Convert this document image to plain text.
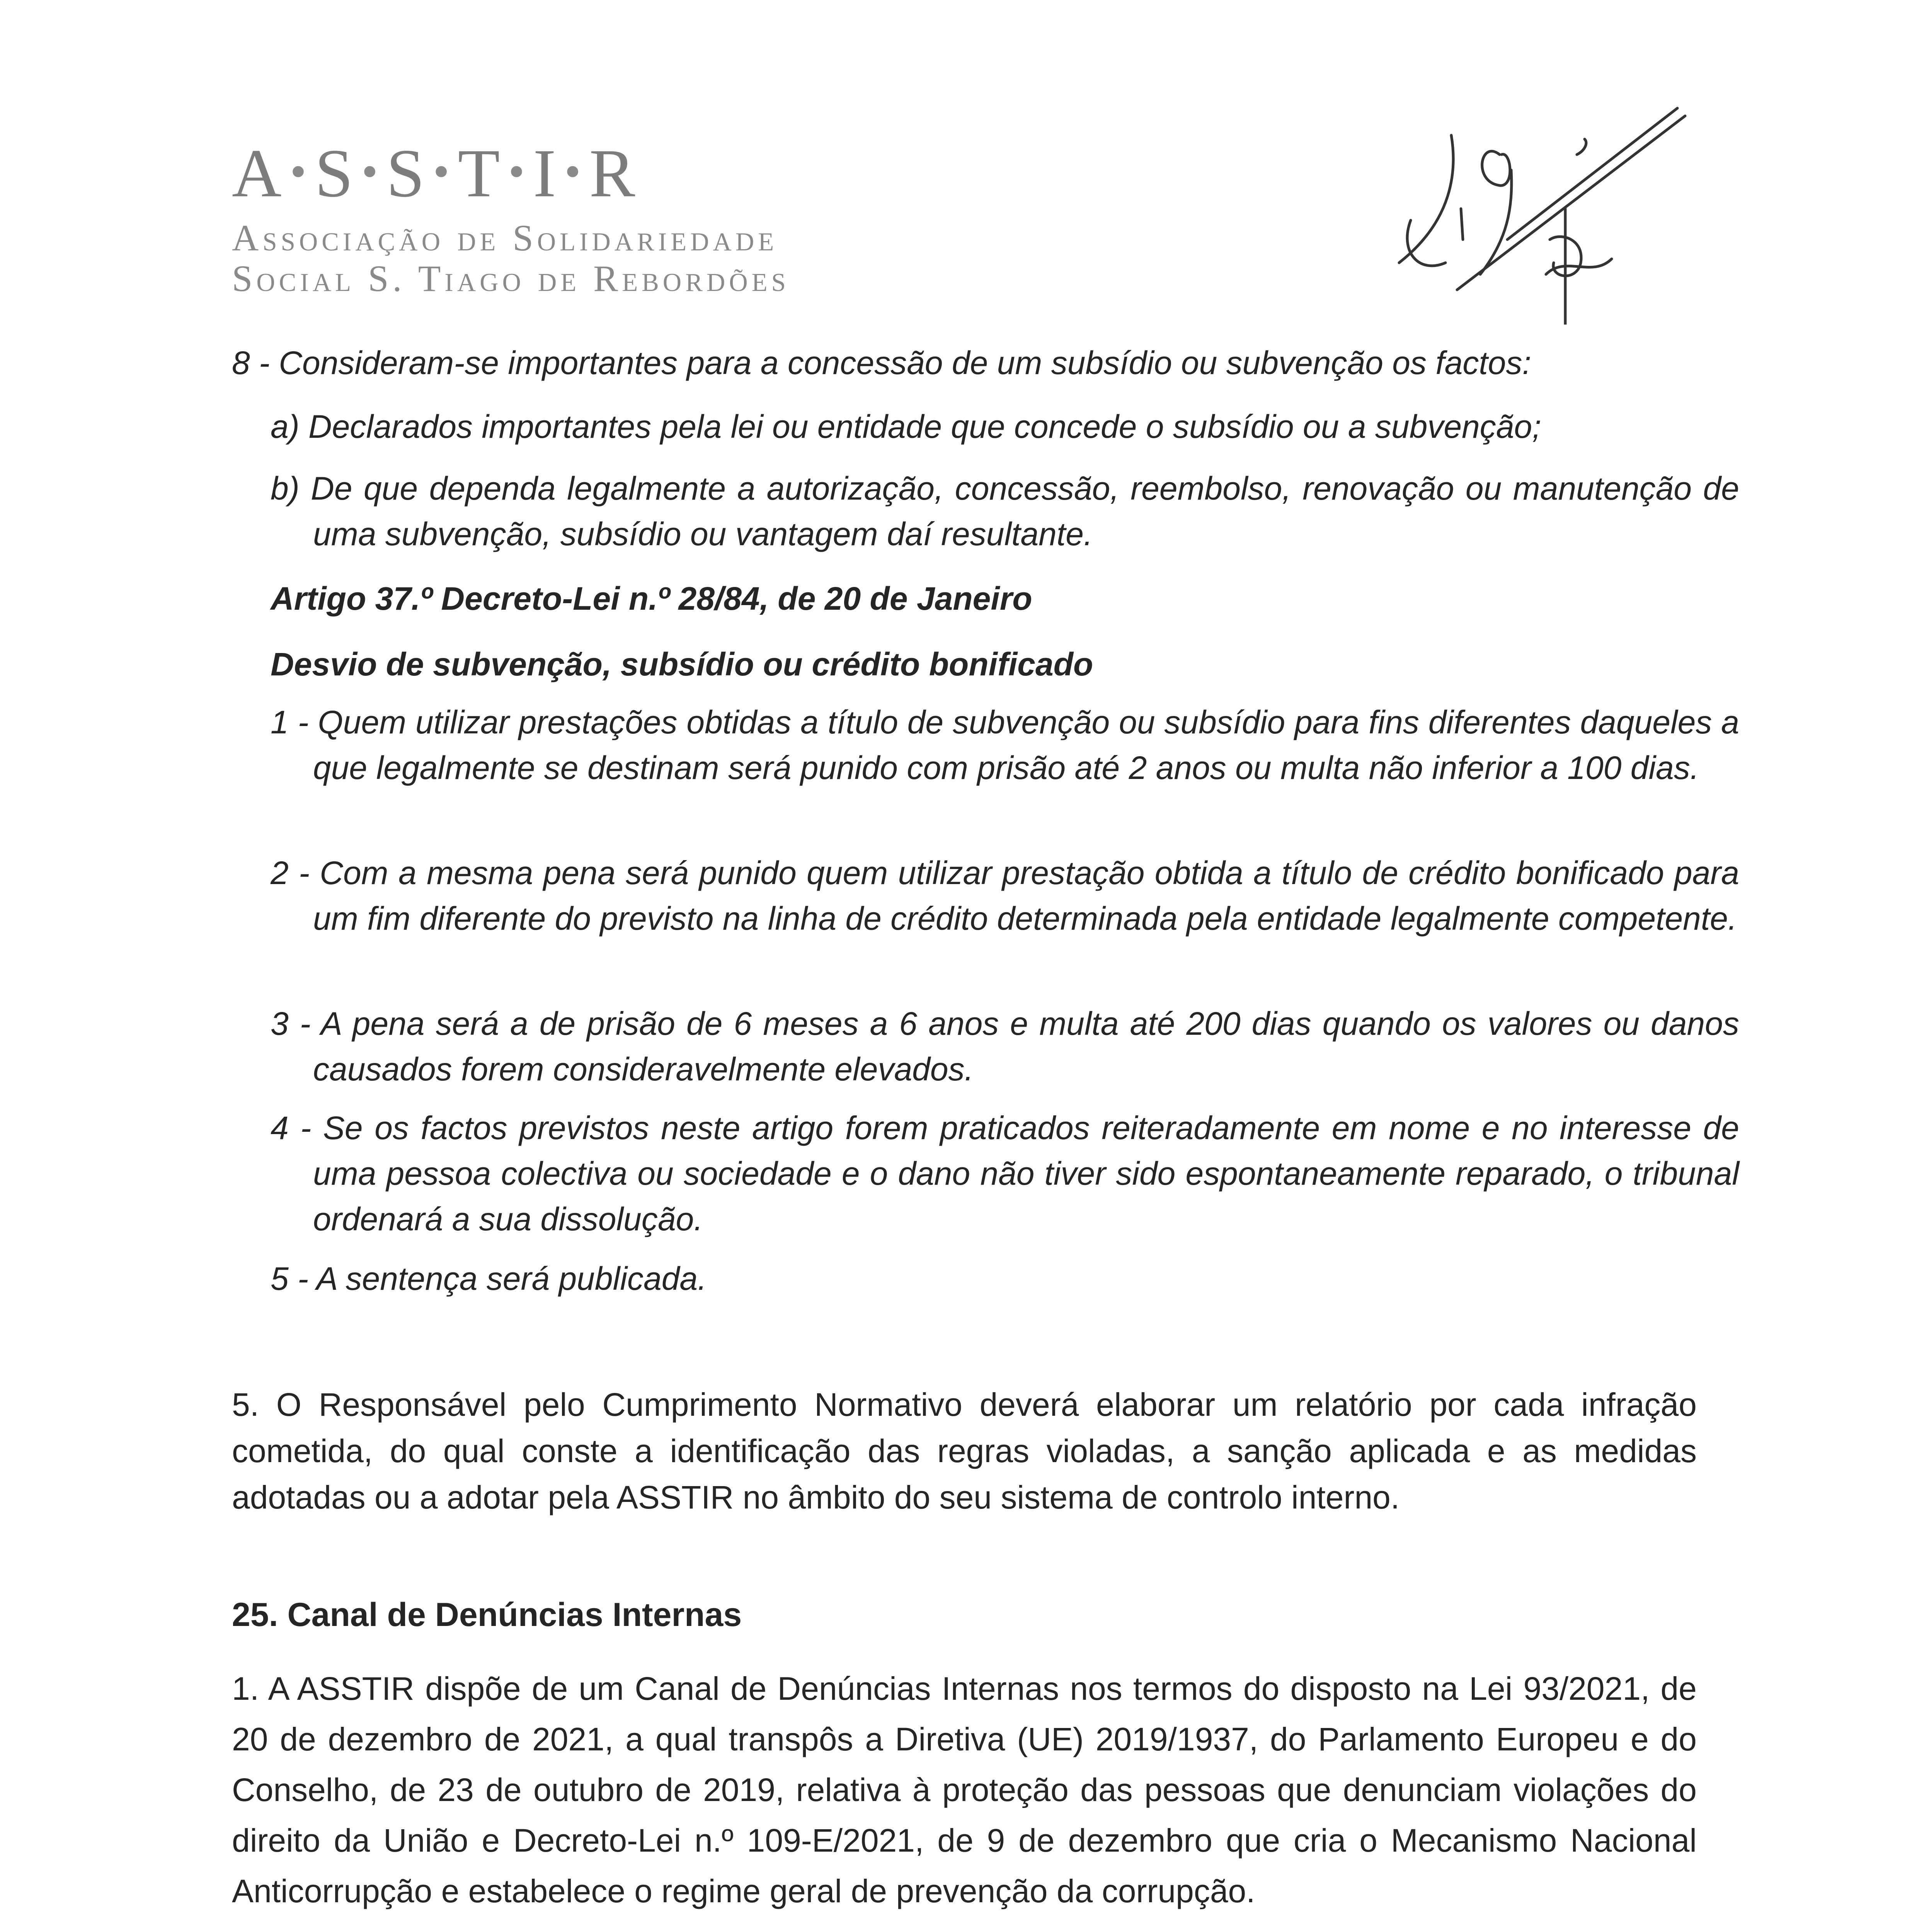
A •S •S •T •I •R
Associação de Solidariedade
Social S. Tiago de Rebordões
8 - Consideram-se importantes para a concessão de um subsídio ou subvenção os factos:
a) Declarados importantes pela lei ou entidade que concede o subsídio ou a subvenção;
b) De que dependa legalmente a autorização, concessão, reembolso, renovação ou manutenção de uma subvenção, subsídio ou vantagem daí resultante.
Artigo 37.º Decreto-Lei n.º 28/84, de 20 de Janeiro
Desvio de subvenção, subsídio ou crédito bonificado
1 - Quem utilizar prestações obtidas a título de subvenção ou subsídio para fins diferentes daqueles a que legalmente se destinam será punido com prisão até 2 anos ou multa não inferior a 100 dias.
2 - Com a mesma pena será punido quem utilizar prestação obtida a título de crédito bonificado para um fim diferente do previsto na linha de crédito determinada pela entidade legalmente competente.
3 - A pena será a de prisão de 6 meses a 6 anos e multa até 200 dias quando os valores ou danos causados forem consideravelmente elevados.
4 - Se os factos previstos neste artigo forem praticados reiteradamente em nome e no interesse de uma pessoa colectiva ou sociedade e o dano não tiver sido espontaneamente reparado, o tribunal ordenará a sua dissolução.
5 - A sentença será publicada.
5. O Responsável pelo Cumprimento Normativo deverá elaborar um relatório por cada infração cometida, do qual conste a identificação das regras violadas, a sanção aplicada e as medidas adotadas ou a adotar pela ASSTIR no âmbito do seu sistema de controlo interno.
25. Canal de Denúncias Internas
1. A ASSTIR dispõe de um Canal de Denúncias Internas nos termos do disposto na Lei 93/2021, de 20 de dezembro de 2021, a qual transpôs a Diretiva (UE) 2019/1937, do Parlamento Europeu e do Conselho, de 23 de outubro de 2019, relativa à proteção das pessoas que denunciam violações do direito da União e Decreto-Lei n.º 109-E/2021, de 9 de dezembro que cria o Mecanismo Nacional Anticorrupção e estabelece o regime geral de prevenção da corrupção.
